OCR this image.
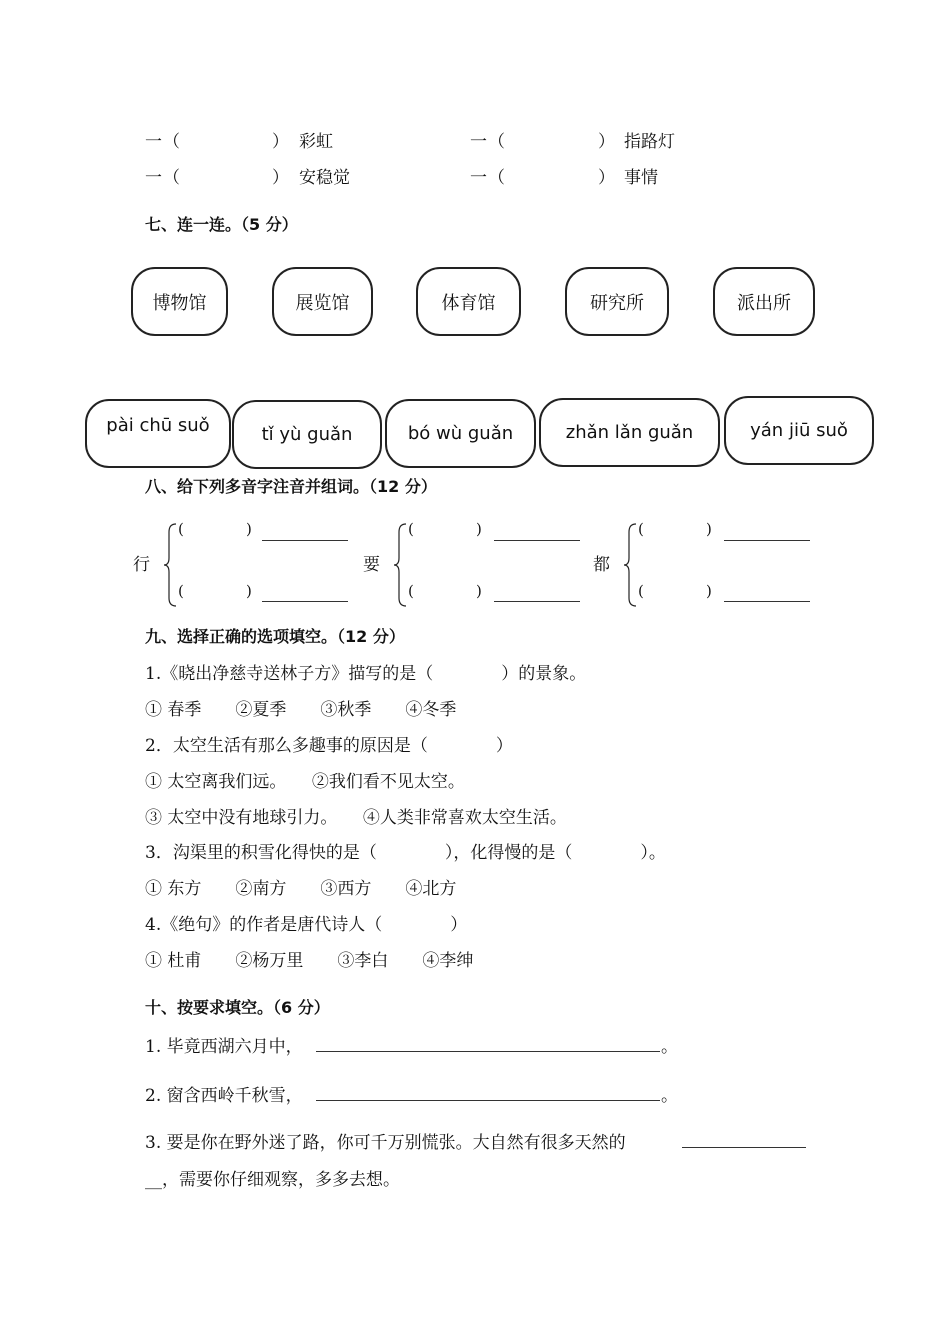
一 （	） 彩虹	一 （	） 指路灯
一 （	） 安稳觉	一 （	） 事情
七、连一连。（5 分）
博物馆	展览馆	体育馆	研究所	派出所
pài chū suǒ	tǐ yù guǎn	bó wù guǎn	zhǎn lǎn guǎn	yán jiū suǒ
八、给下列多音字注音并组词。（12 分）
行
(	)
(	)
要
(	)
(	)
都
(	)
(	)
九、选择正确的选项填空。（12 分）
1.《晓出净慈寺送林子方》描写的是（　　　　）的景象。
① 春季　　②夏季　　③秋季　　④冬季
2．太空生活有那么多趣事的原因是（　　　　）
① 太空离我们远。　　②我们看不见太空。
③ 太空中没有地球引力。　　④人类非常喜欢太空生活。
3．沟渠里的积雪化得快的是（　　　　），化得慢的是（　　　　）。
① 东方　　②南方　　③西方　　④北方
4.《绝句》的作者是唐代诗人（　　　　）
① 杜甫　　②杨万里　　③李白　　④李绅
十、按要求填空。（6 分）
1. 毕竟西湖六月中，	。
2. 窗含西岭千秋雪，	。
3. 要是你在野外迷了路，你可千万别慌张。大自然有很多天然的
__，需要你仔细观察，多多去想。
